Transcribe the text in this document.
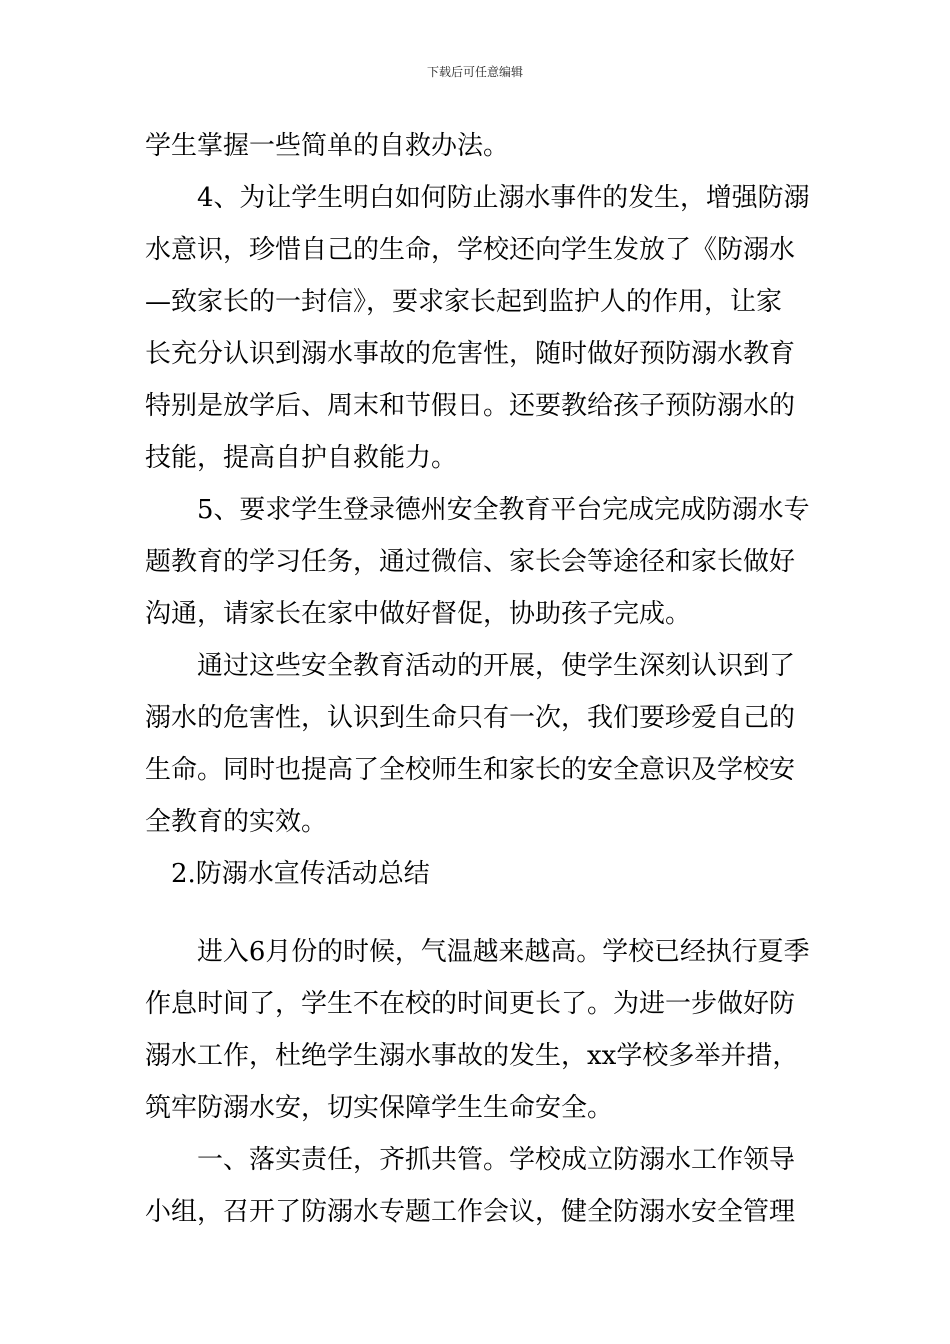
下载后可任意编辑
学生掌握一些简单的自救办法。
4、为让学生明白如何防止溺水事件的发生，增强防溺
水意识，珍惜自己的生命，学校还向学生发放了《防溺水
—致家长的一封信》，要求家长起到监护人的作用，让家
长充分认识到溺水事故的危害性，随时做好预防溺水教育
特别是放学后、周末和节假日。还要教给孩子预防溺水的
技能，提高自护自救能力。
5、要求学生登录德州安全教育平台完成完成防溺水专
题教育的学习任务，通过微信、家长会等途径和家长做好
沟通，请家长在家中做好督促，协助孩子完成。
通过这些安全教育活动的开展，使学生深刻认识到了
溺水的危害性，认识到生命只有一次，我们要珍爱自己的
生命。同时也提高了全校师生和家长的安全意识及学校安
全教育的实效。
2.防溺水宣传活动总结
进入6月份的时候，气温越来越高。学校已经执行夏季
作息时间了，学生不在校的时间更长了。为进一步做好防
溺水工作，杜绝学生溺水事故的发生，xx学校多举并措，
筑牢防溺水安，切实保障学生生命安全。
一、落实责任，齐抓共管。学校成立防溺水工作领导
小组，召开了防溺水专题工作会议，健全防溺水安全管理
